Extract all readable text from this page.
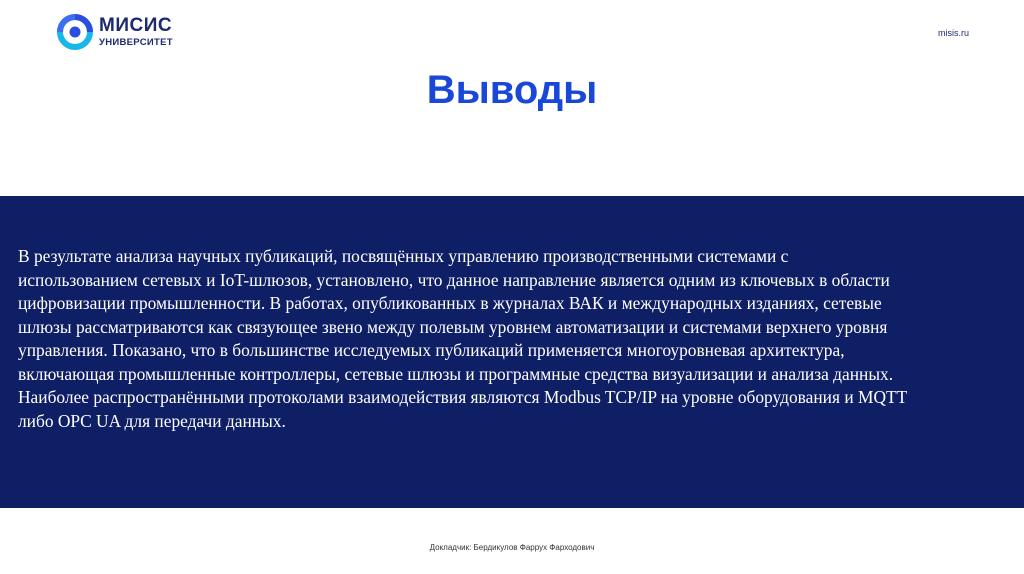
МИСИС
УНИВЕРСИТЕТ
misis.ru
Выводы

В результате анализа научных публикаций, посвящённых управлению производственными системами с
использованием сетевых и IoT-шлюзов, установлено, что данное направление является одним из ключевых в области
цифровизации промышленности. В работах, опубликованных в журналах ВАК и международных изданиях, сетевые
шлюзы рассматриваются как связующее звено между полевым уровнем автоматизации и системами верхнего уровня
управления. Показано, что в большинстве исследуемых публикаций применяется многоуровневая архитектура,
включающая промышленные контроллеры, сетевые шлюзы и программные средства визуализации и анализа данных.
Наиболее распространёнными протоколами взаимодействия являются Modbus TCP/IP на уровне оборудования и MQTT
либо OPC UA для передачи данных.

Докладчик: Бердикулов Фаррух Фарходович
